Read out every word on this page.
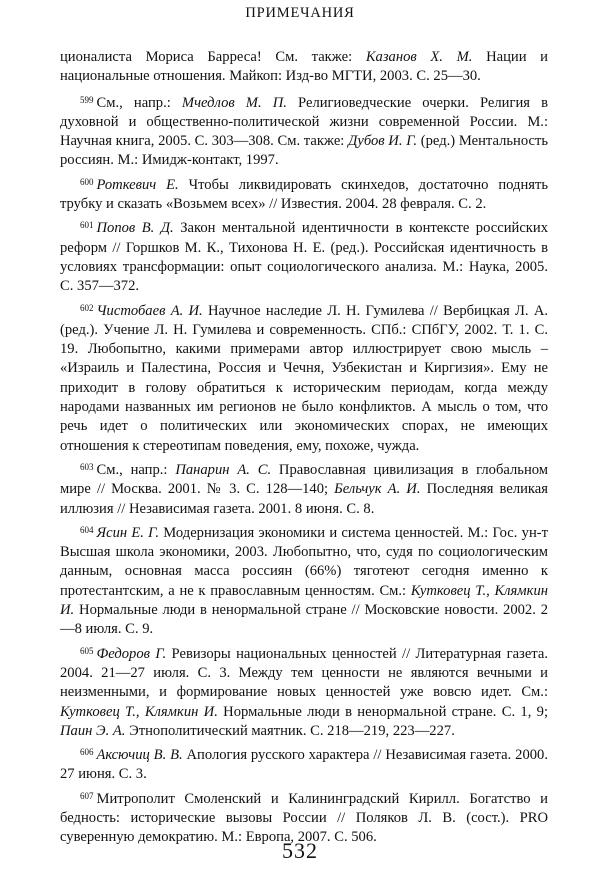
ПРИМЕЧАНИЯ

ционалиста Мориса Барреса! См. также: Казанов Х. М. Нации и национальные отношения. Майкоп: Изд-во МГТИ, 2003. С. 25—30.

$^{599}$ См., напр.: Мчедлов М. П. Религиоведческие очерки. Религия в духовной и общественно-политической жизни современной России. М.: Научная книга, 2005. С. 303—308. См. также: Дубов И. Г. (ред.) Ментальность россиян. М.: Имидж-контакт, 1997.

$^{600}$ Роткевич Е. Чтобы ликвидировать скинхедов, достаточно поднять трубку и сказать «Возьмем всех» // Известия. 2004. 28 февраля. С. 2.

$^{601}$ Попов В. Д. Закон ментальной идентичности в контексте российских реформ // Горшков М. К., Тихонова Н. Е. (ред.). Российская идентичность в условиях трансформации: опыт социологического анализа. М.: Наука, 2005. С. 357—372.

$^{602}$ Чистобаев А. И. Научное наследие Л. Н. Гумилева // Вербицкая Л. А. (ред.). Учение Л. Н. Гумилева и современность. СПб.: СПбГУ, 2002. Т. 1. С. 19. Любопытно, какими примерами автор иллюстрирует свою мысль – «Израиль и Палестина, Россия и Чечня, Узбекистан и Киргизия». Ему не приходит в голову обратиться к историческим периодам, когда между народами названных им регионов не было конфликтов. А мысль о том, что речь идет о политических или экономических спорах, не имеющих отношения к стереотипам поведения, ему, похоже, чужда.

$^{603}$ См., напр.: Панарин А. С. Православная цивилизация в глобальном мире // Москва. 2001. № 3. С. 128—140; Бельчук А. И. Последняя великая иллюзия // Независимая газета. 2001. 8 июня. С. 8.

$^{604}$ Ясин Е. Г. Модернизация экономики и система ценностей. М.: Гос. ун-т Высшая школа экономики, 2003. Любопытно, что, судя по социологическим данным, основная масса россиян (66%) тяготеют сегодня именно к протестантским, а не к православным ценностям. См.: Кутковец Т., Клямкин И. Нормальные люди в ненормальной стране // Московские новости. 2002. 2—8 июля. С. 9.

$^{605}$ Федоров Г. Ревизоры национальных ценностей // Литературная газета. 2004. 21—27 июля. С. 3. Между тем ценности не являются вечными и неизменными, и формирование новых ценностей уже вовсю идет. См.: Кутковец Т., Клямкин И. Нормальные люди в ненормальной стране. С. 1, 9; Паин Э. А. Этнополитический маятник. С. 218—219, 223—227.

$^{606}$ Аксючиц В. В. Апология русского характера // Независимая газета. 2000. 27 июня. С. 3.

$^{607}$ Митрополит Смоленский и Калининградский Кирилл. Богатство и бедность: исторические вызовы России // Поляков Л. В. (сост.). PRO суверенную демократию. М.: Европа, 2007. С. 506.

532
